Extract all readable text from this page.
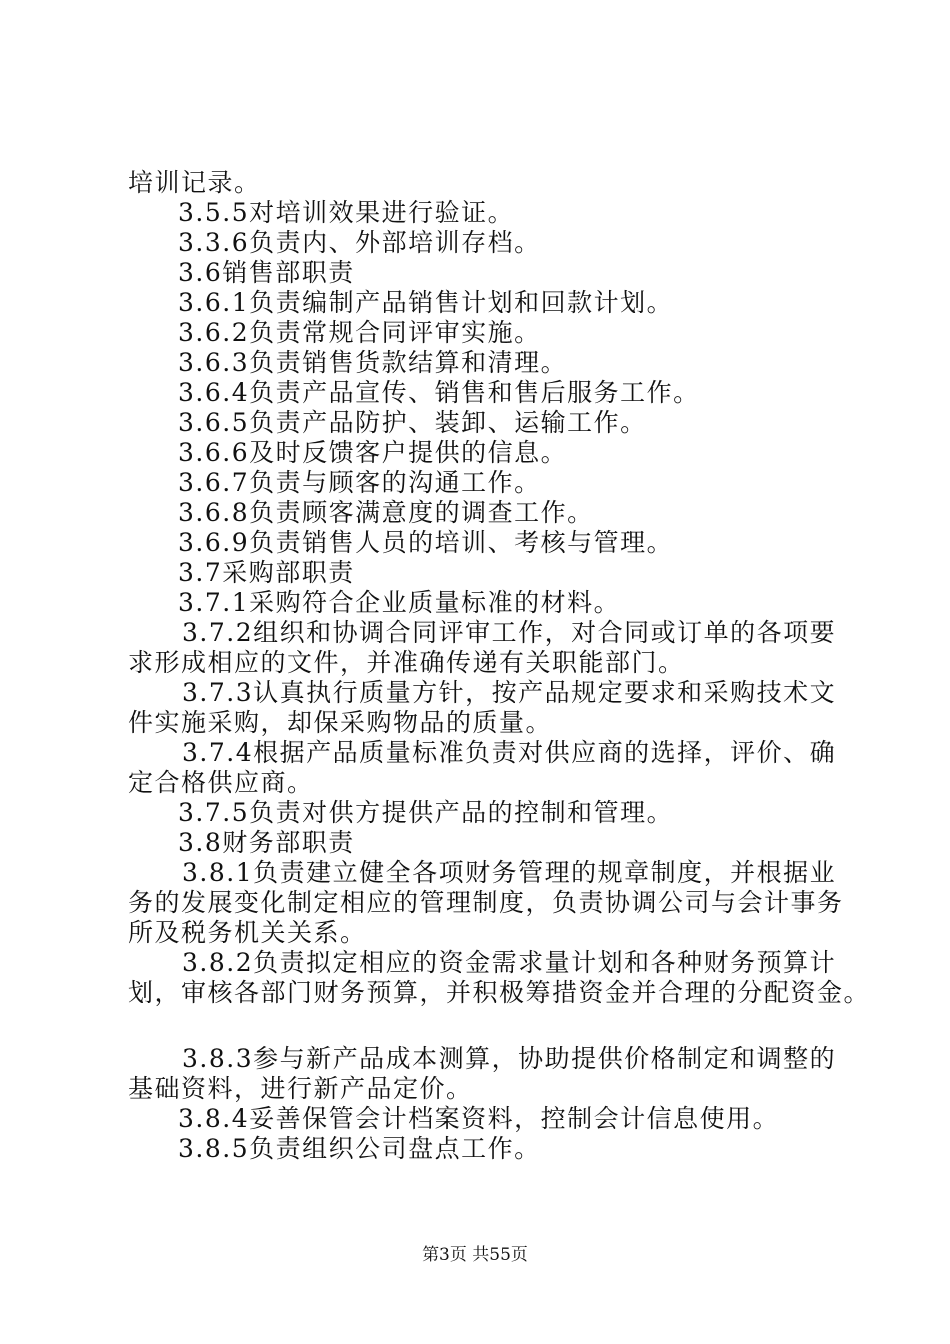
培训记录。
3.5.5对培训效果进行验证。
3.3.6负责内、外部培训存档。
3.6销售部职责
3.6.1负责编制产品销售计划和回款计划。
3.6.2负责常规合同评审实施。
3.6.3负责销售货款结算和清理。
3.6.4负责产品宣传、销售和售后服务工作。
3.6.5负责产品防护、装卸、运输工作。
3.6.6及时反馈客户提供的信息。
3.6.7负责与顾客的沟通工作。
3.6.8负责顾客满意度的调查工作。
3.6.9负责销售人员的培训、考核与管理。
3.7采购部职责
3.7.1采购符合企业质量标准的材料。
3.7.2组织和协调合同评审工作，对合同或订单的各项要
求形成相应的文件，并准确传递有关职能部门。
3.7.3认真执行质量方针，按产品规定要求和采购技术文
件实施采购，却保采购物品的质量。
3.7.4根据产品质量标准负责对供应商的选择，评价、确
定合格供应商。
3.7.5负责对供方提供产品的控制和管理。
3.8财务部职责
3.8.1负责建立健全各项财务管理的规章制度，并根据业
务的发展变化制定相应的管理制度，负责协调公司与会计事务
所及税务机关关系。
3.8.2负责拟定相应的资金需求量计划和各种财务预算计
划，审核各部门财务预算，并积极筹措资金并合理的分配资金。
3.8.3参与新产品成本测算，协助提供价格制定和调整的
基础资料，进行新产品定价。
3.8.4妥善保管会计档案资料，控制会计信息使用。
3.8.5负责组织公司盘点工作。
第3页 共55页
